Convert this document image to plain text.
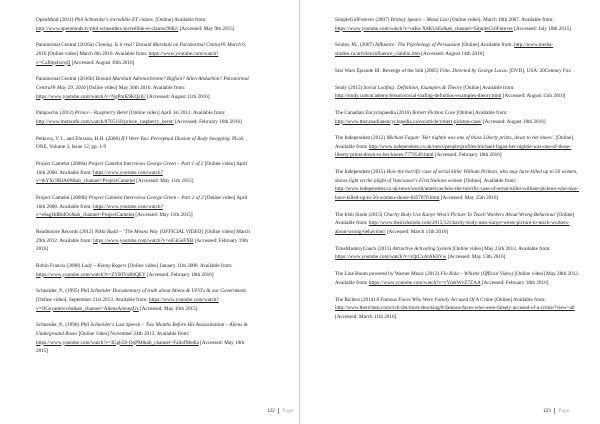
OpenMind (2011) Phil Schneider's incredible ET claims. [Online] Available from: http://www.openminds.tv/phil-schneiders-incredible-et-claims/9882/ [Accessed: May 9th 2015]

Paranormal Central (2016a) Cloning. Is it real? Donald Marshall on Paranormal Central® March 6, 2016 [Online video] March 8th 2016. Available from: https://www.youtube.com/watch?v=CzJbtp4wrqQ [Accessed: August 10th 2016]

Paranormal Central (2016b) Donald Marshall Adrenochrome? Bigfoot? Alien Abduction? Paranormal Central® May 29, 2016 [Online video] May 30th 2016. Available from: https://www.youtube.com/watch?v=NgPmK9KQziU [Accessed: August 11th 2016]

Patajoschu (2012) Prince – Raspberry Beret [Online video] April 1st 2012. Available from: http://www.metacafe.com/watch/8705118/prince_raspberry_beret/ [Accessed: February 16th 2016]

Petkova, V. I., and Ehrsson, H.H. (2008) If I Were You: Perceptual Illusion of Body Swapping. PLoS ONE, Volume 3, Issue 12, pp. 1-9

Project Camelot (2008a) Project Camelot Interviews George Green – Part 1 of 2 [Online video] April 16th 2008. Available from: https://www.youtube.com/watch?v=thYXc9BIA0#&ab_channel=ProjectCamelot [Accessed: May 11th 2015]

Project Camelot (2008b) Project Camelot Interviews George Green – Part 2 of 2 [Online video] April 16th 2008. Available from: https://www.youtube.com/watch?v=eSsgHdBidOc&ab_channel=ProjectCamelot [Accessed: May 11th 2015]

Readmoore Records (2012) Nikki Budd – "The Means Way [OFFICIAL VIDEO] [Online video] March 29th 2012. Available from: https://www.youtube.com/watch?v=eiGk5eFXB [Accessed: February 19th 2016]

Robin Francis (2008) Lady – Kenny Rogers [Online video] January 11th 2008. Available from: https://www.youtube.com/watch?v=ZYBfYsR0QEY [Accessed: February 18th 2016]

Schneider, P., (1995) Phil Schneider Documentary of truth about Aliens & UFO's & our Government. [Online video]. September 21st 2013. Available from: https://www.youtube.com/watch?v=OGeyamtwvdu&ab_channel=AliensAmongUs [Accessed: May 10th 2015]

Schneider, P., (1996) Phil Schneider's Last Speech – Two Months Before His Assassination – Aliens & Underground Bases [Online video] November 24th 2013. Available from: https://www.youtube.com/watch?v=IGgb50-OqPM&ab_channel=FallofMedia [Accessed: May 10th 2015]

122 Page

SimpleGirlForever (2007) Britney Spears – Mona Lisa [Online video]. March 18th 2007. Available from: https://www.youtube.com/watch?v=osKe XdKUsEs&ab_channel=SimpleGirlForever [Accessed: July 18th 2015]

Soules, M., (2007) Influence: The Psychology of Persuasion [Online] Available from: http://www.media-studies.ca/articles/influence_cialdini.htm [Accessed: August 14th 2016]

Star Wars Episode III: Revenge of the Sith (2005) Film. Directed by George Lucas. [DVD]. USA: 20Century Fox

Study (2015) Social Loafing: Definition, Examples & Theory [Online] Available from: http://study.com/academy/lesson/social-loafing-definition-examples-theory.html [Accessed: August 15th 2016]

The Canadian Encyclopaedia (2016) Robert Pickton Case [Online] Available from: http://www.thecanadianencyclopedia.ca/en/article/robert-pickton-case/ [Accessed: August 18th 2016]

The Independent (2012) Michael Fagan: 'Her nightie was one of those Liberty prints, down to her knees'. [Online]. Available from: http://www.independent.co.uk/news/people/profiles/michael-fagan-her-nightie-was-one-of-those-liberty-prints-down-to-her-knees-7779549.html [Accessed: February 18th 2016]

The Independent (2015) How the horrific case of serial killer William Pickton, who may have killed up to 50 women, shows light on the plight of Vancouver's First Nations women [Online]. Available from: http://www.independent.co.uk/news/world/americas/how-the-horrific-case-of-serial-killer-william-pickton-who-may-have-killed-up-to-50-women-shone-8457870.html [Accessed: May 25th 2016]

The Irish Sindo (2015) Charity Body Use Kanye West's Picture To Teach Workers About Wrong Behaviour [Online] Available from: http://www.theirishsindo.com/2015/12/charity-body-uses-kanye-wests-picture-to-teach-workers-about-wrong-behaviour/ [Accessed: March 11th 2016]

TimeMasteryCoach (2013) Attractive Activating System [Online video] May 25th 2013. Available from: https://www.youtube.com/watch?v=zQtCxAtAKbVw [Accessed: May 13th 2016]

The Line Boom powered by Warner Music (2012) Flo Rida – Whistle (Official Video) [Online video] May 28th 2012. Available from: https://www.youtube.com/watch?v=cYmkWvZ7ZAA [Accessed: February 18th 2016]

The Richest (2014) 8 Famous Faces Who Were Falsely Accused Of A Crime [Online] Available from: http://www.therichest.com/rich-list/most-shocking/8-famous-faces-who-were-falsely-accused-of-a-crime/?view=all [Accessed: March 11th 2016]

123 Page
